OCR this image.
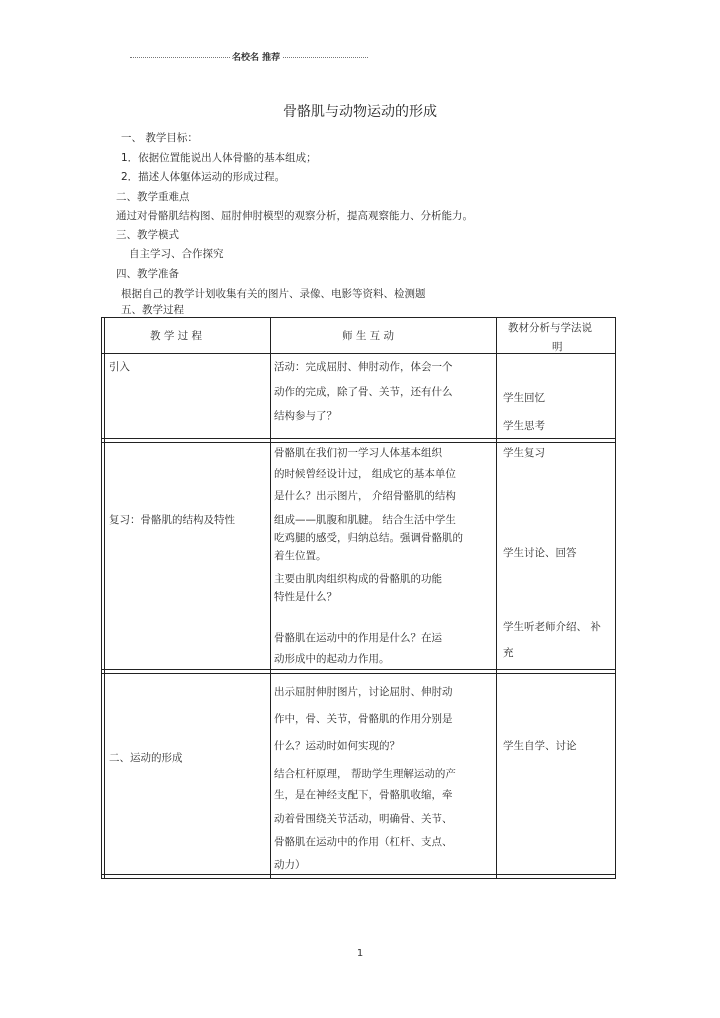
名校名 推荐
骨骼肌与动物运动的形成
一、 教学目标：
1．依据位置能说出人体骨骼的基本组成；
2．描述人体躯体运动的形成过程。
二、教学重难点
通过对骨骼肌结构图、屈肘伸肘模型的观察分析，提高观察能力、分析能力。
三、教学模式
自主学习、合作探究
四、教学准备
根据自己的教学计划收集有关的图片、录像、电影等资料、检测题
五、教学过程
教 学 过 程	师 生 互 动
教材分析与学法说
明
引入	活动：完成屈肘、伸肘动作，体会一个
动作的完成，除了骨、关节，还有什么
结构参与了？
学生回忆
学生思考
复习：骨骼肌的结构及特性
骨骼肌在我们初一学习人体基本组织
的时候曾经设计过， 组成它的基本单位
是什么？出示图片， 介绍骨骼肌的结构
组成——肌腹和肌腱。 结合生活中学生
吃鸡腿的感受，归纳总结。强调骨骼肌的
着生位置。
主要由肌肉组织构成的骨骼肌的功能
特性是什么？
骨骼肌在运动中的作用是什么？在运
动形成中的起动力作用。
学生复习
学生讨论、回答
学生听老师介绍、 补
充
二、运动的形成
出示屈肘伸肘图片，讨论屈肘、伸肘动
作中，骨、关节，骨骼肌的作用分别是
什么？运动时如何实现的？
结合杠杆原理， 帮助学生理解运动的产
生，是在神经支配下，骨骼肌收缩，牵
动着骨围绕关节活动，明确骨、关节、
骨骼肌在运动中的作用（杠杆、支点、
动力）
学生自学、讨论
1
